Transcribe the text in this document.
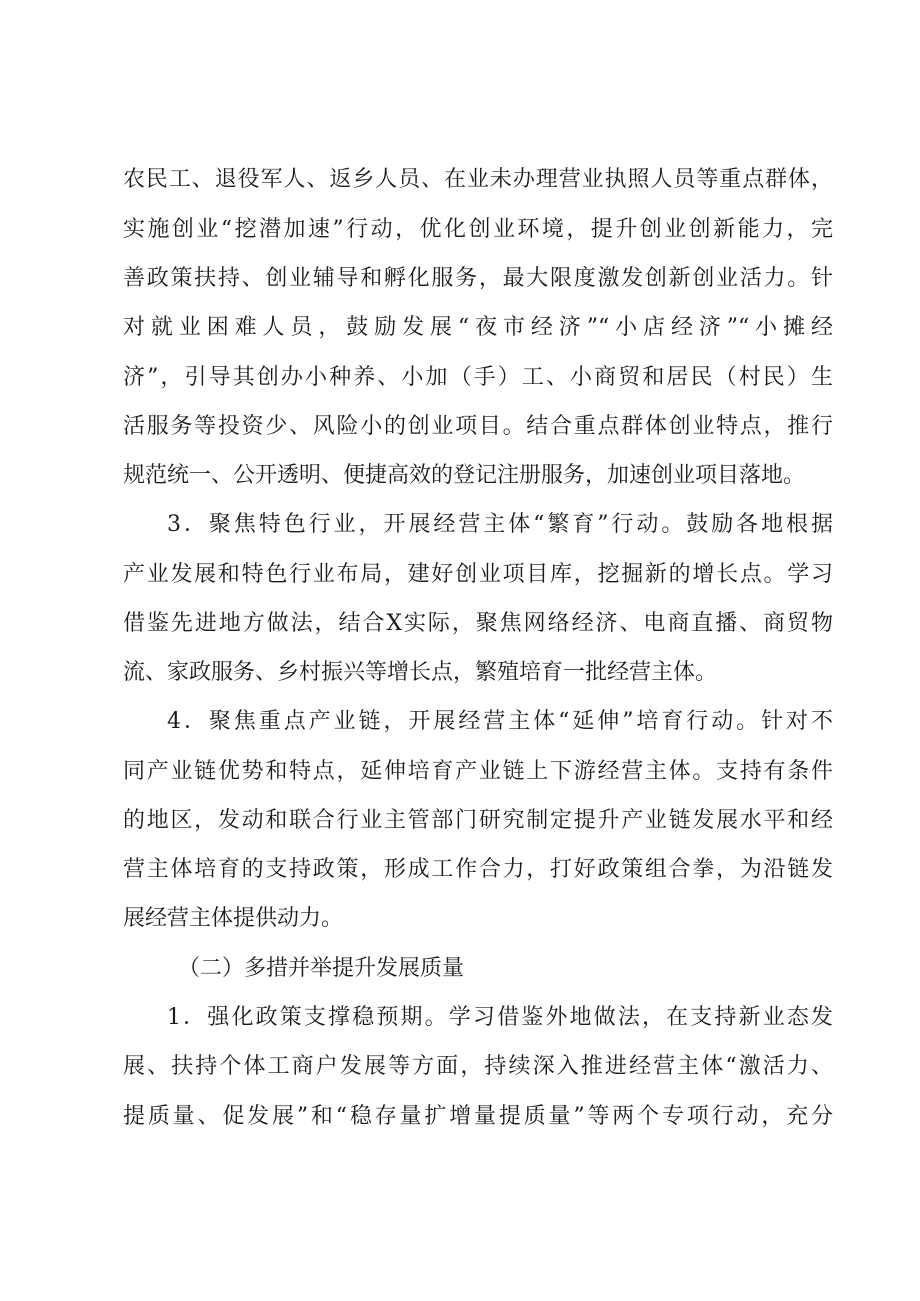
农民工、退役军人、返乡人员、在业未办理营业执照人员等重点群体，
实施创业“挖潜加速”行动，优化创业环境，提升创业创新能力，完
善政策扶持、创业辅导和孵化服务，最大限度激发创新创业活力。针
对就业困难人员，鼓励发展“夜市经济”“小店经济”“小摊经
济”，引导其创办小种养、小加（手）工、小商贸和居民（村民）生
活服务等投资少、风险小的创业项目。结合重点群体创业特点，推行
规范统一、公开透明、便捷高效的登记注册服务，加速创业项目落地。
3．聚焦特色行业，开展经营主体“繁育”行动。鼓励各地根据
产业发展和特色行业布局，建好创业项目库，挖掘新的增长点。学习
借鉴先进地方做法，结合X实际，聚焦网络经济、电商直播、商贸物
流、家政服务、乡村振兴等增长点，繁殖培育一批经营主体。
4．聚焦重点产业链，开展经营主体“延伸”培育行动。针对不
同产业链优势和特点，延伸培育产业链上下游经营主体。支持有条件
的地区，发动和联合行业主管部门研究制定提升产业链发展水平和经
营主体培育的支持政策，形成工作合力，打好政策组合拳，为沿链发
展经营主体提供动力。
（二）多措并举提升发展质量
1．强化政策支撑稳预期。学习借鉴外地做法，在支持新业态发
展、扶持个体工商户发展等方面，持续深入推进经营主体“激活力、
提质量、促发展”和“稳存量扩增量提质量”等两个专项行动，充分
